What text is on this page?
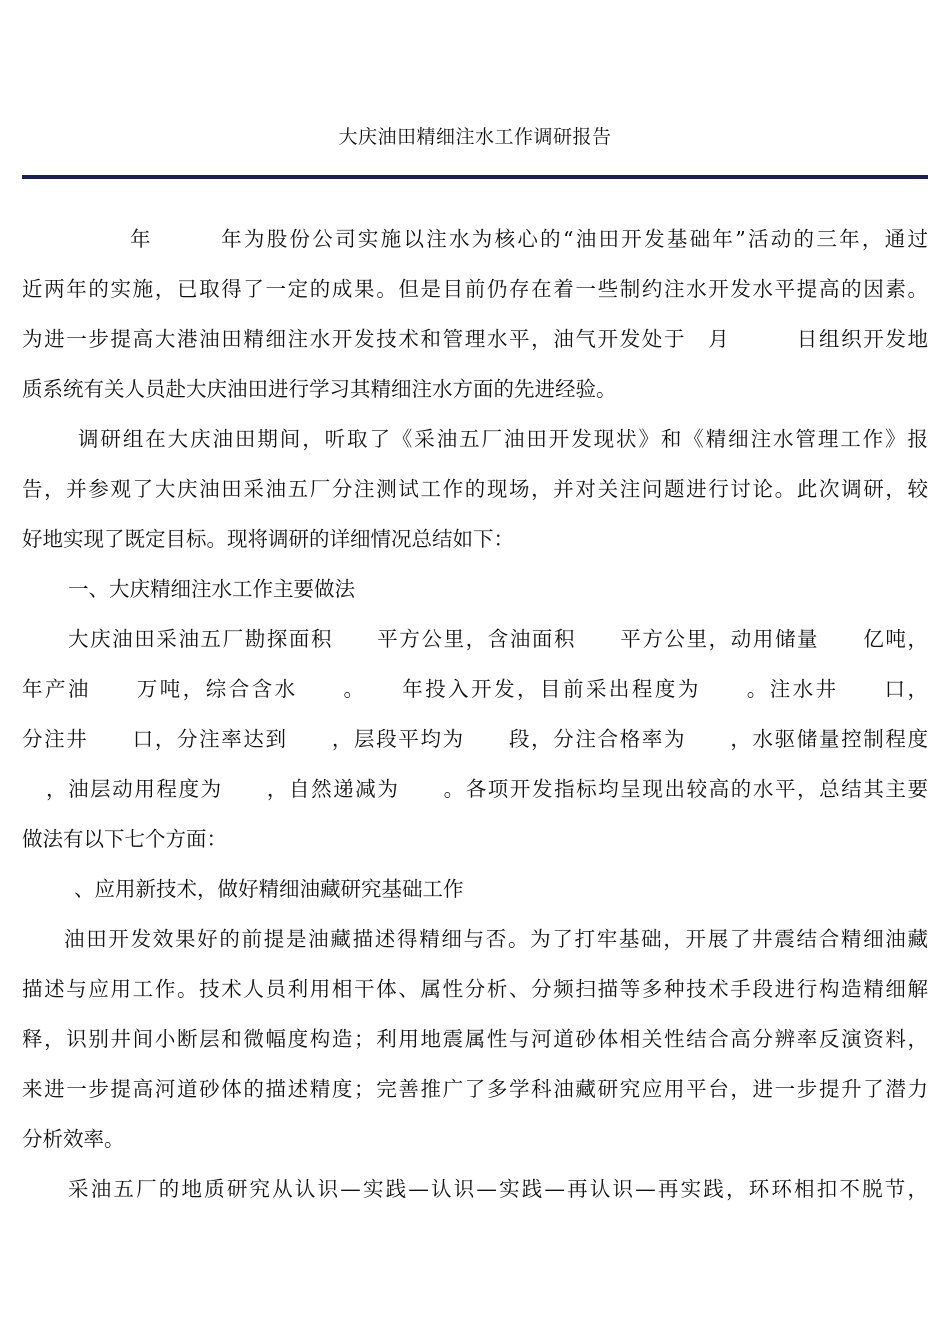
大庆油田精细注水工作调研报告
年　　　年为股份公司实施以注水为核心的“油田开发基础年”活动的三年，通过
近两年的实施，已取得了一定的成果。但是目前仍存在着一些制约注水开发水平提高的因素。
为进一步提高大港油田精细注水开发技术和管理水平，油气开发处于　月　　　日组织开发地
质系统有关人员赴大庆油田进行学习其精细注水方面的先进经验。
调研组在大庆油田期间，听取了《采油五厂油田开发现状》和《精细注水管理工作》报
告，并参观了大庆油田采油五厂分注测试工作的现场，并对关注问题进行讨论。此次调研，较
好地实现了既定目标。现将调研的详细情况总结如下：
一、大庆精细注水工作主要做法
大庆油田采油五厂勘探面积　　平方公里，含油面积　　平方公里，动用储量　　亿吨，
年产油　　万吨，综合含水　　。　　年投入开发，目前采出程度为　　。注水井　　口，
分注井　　口，分注率达到　　，层段平均为　　段，分注合格率为　　，水驱储量控制程度
，油层动用程度为　　，自然递减为　　。各项开发指标均呈现出较高的水平，总结其主要
做法有以下七个方面：
、应用新技术，做好精细油藏研究基础工作
油田开发效果好的前提是油藏描述得精细与否。为了打牢基础，开展了井震结合精细油藏
描述与应用工作。技术人员利用相干体、属性分析、分频扫描等多种技术手段进行构造精细解
释，识别井间小断层和微幅度构造；利用地震属性与河道砂体相关性结合高分辨率反演资料，
来进一步提高河道砂体的描述精度；完善推广了多学科油藏研究应用平台，进一步提升了潜力
分析效率。
采油五厂的地质研究从认识—实践—认识—实践—再认识—再实践，环环相扣不脱节，
